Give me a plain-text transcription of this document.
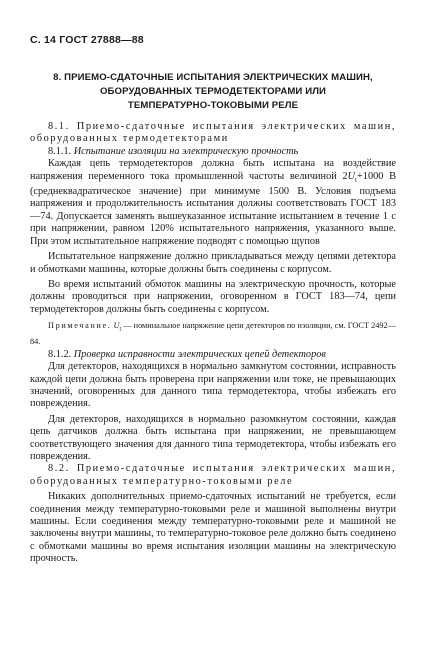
С. 14 ГОСТ 27888—88
8. ПРИЕМО-СДАТОЧНЫЕ ИСПЫТАНИЯ ЭЛЕКТРИЧЕСКИХ МАШИН,
ОБОРУДОВАННЫХ ТЕРМОДЕТЕКТОРАМИ ИЛИ
ТЕМПЕРАТУРНО-ТОКОВЫМИ РЕЛЕ

8.1. Приемо-сдаточные испытания электрических машин, оборудованных термодетекторами

8.1.1. Испытание изоляции на электрическую прочность

Каждая цепь термодетекторов должна быть испытана на воздействие напряжения переменного тока промышленной частоты величиной $2U_t+1000$ В (среднеквадратическое значение) при минимуме 1500 В. Условия подъема напряжения и продолжительность испытания должны соответствовать ГОСТ 183—74. Допускается заменять вышеуказанное испытание испытанием в течение 1 с при напряжении, равном 120% испытательного напряжения, указанного выше. При этом испытательное напряжение подводят с помощью щупов

Испытательное напряжение должно прикладываться между цепями детектора и обмотками машины, которые должны быть соединены с корпусом.

Во время испытаний обмоток машины на электрическую прочность, которые должны проводиться при напряжении, оговоренном в ГОСТ 183—74, цепи термодетекторов должны быть соединены с корпусом.

Примечание. $U_t$ — номинальное напряжение цепи детекторов по изоляции, см. ГОСТ 2492—84.

8.1.2. Проверка исправности электрических цепей детекторов

Для детекторов, находящихся в нормально замкнутом состоянии, исправность каждой цепи должна быть проверена при напряжении или токе, не превышающих значений, оговоренных для данного типа термодетектора, чтобы избежать его повреждения.

Для детекторов, находящихся в нормально разомкнутом состоянии, каждая цепь датчиков должна быть испытана при напряжении, не превышающем соответствующего значения для данного типа термодетектора, чтобы избежать его повреждения.

8.2. Приемо-сдаточные испытания электрических машин, оборудованных температурно-токовыми реле

Никаких дополнительных приемо-сдаточных испытаний не требуется, если соединения между температурно-токовыми реле и машиной выполнены внутри машины. Если соединения между температурно-токовыми реле и машиной не заключены внутри машины, то температурно-токовое реле должно быть соединено с обмотками машины во время испытания изоляции машины на электрическую прочность.
